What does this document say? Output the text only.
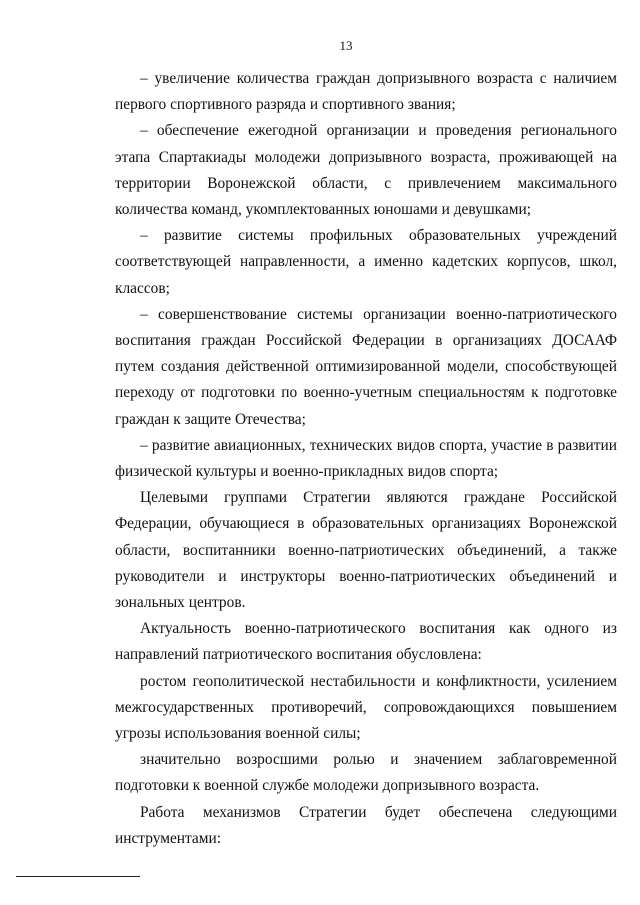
13

– увеличение количества граждан допризывного возраста с наличием первого спортивного разряда и спортивного звания;

– обеспечение ежегодной организации и проведения регионального этапа Спартакиады молодежи допризывного возраста, проживающей на территории Воронежской области, с привлечением максимального количества команд, укомплектованных юношами и девушками;

– развитие системы профильных образовательных учреждений соответствующей направленности, а именно кадетских корпусов, школ, классов;

– совершенствование системы организации военно-патриотического воспитания граждан Российской Федерации в организациях ДОСААФ путем создания действенной оптимизированной модели, способствующей переходу от подготовки по военно-учетным специальностям к подготовке граждан к защите Отечества;

– развитие авиационных, технических видов спорта, участие в развитии физической культуры и военно-прикладных видов спорта;

Целевыми группами Стратегии являются граждане Российской Федерации, обучающиеся в образовательных организациях Воронежской области, воспитанники военно-патриотических объединений, а также руководители и инструкторы военно-патриотических объединений и зональных центров.

Актуальность военно-патриотического воспитания как одного из направлений патриотического воспитания обусловлена:

ростом геополитической нестабильности и конфликтности, усилением межгосударственных противоречий, сопровождающихся повышением угрозы использования военной силы;

значительно возросшими ролью и значением заблаговременной подготовки к военной службе молодежи допризывного возраста.

Работа механизмов Стратегии будет обеспечена следующими инструментами:
